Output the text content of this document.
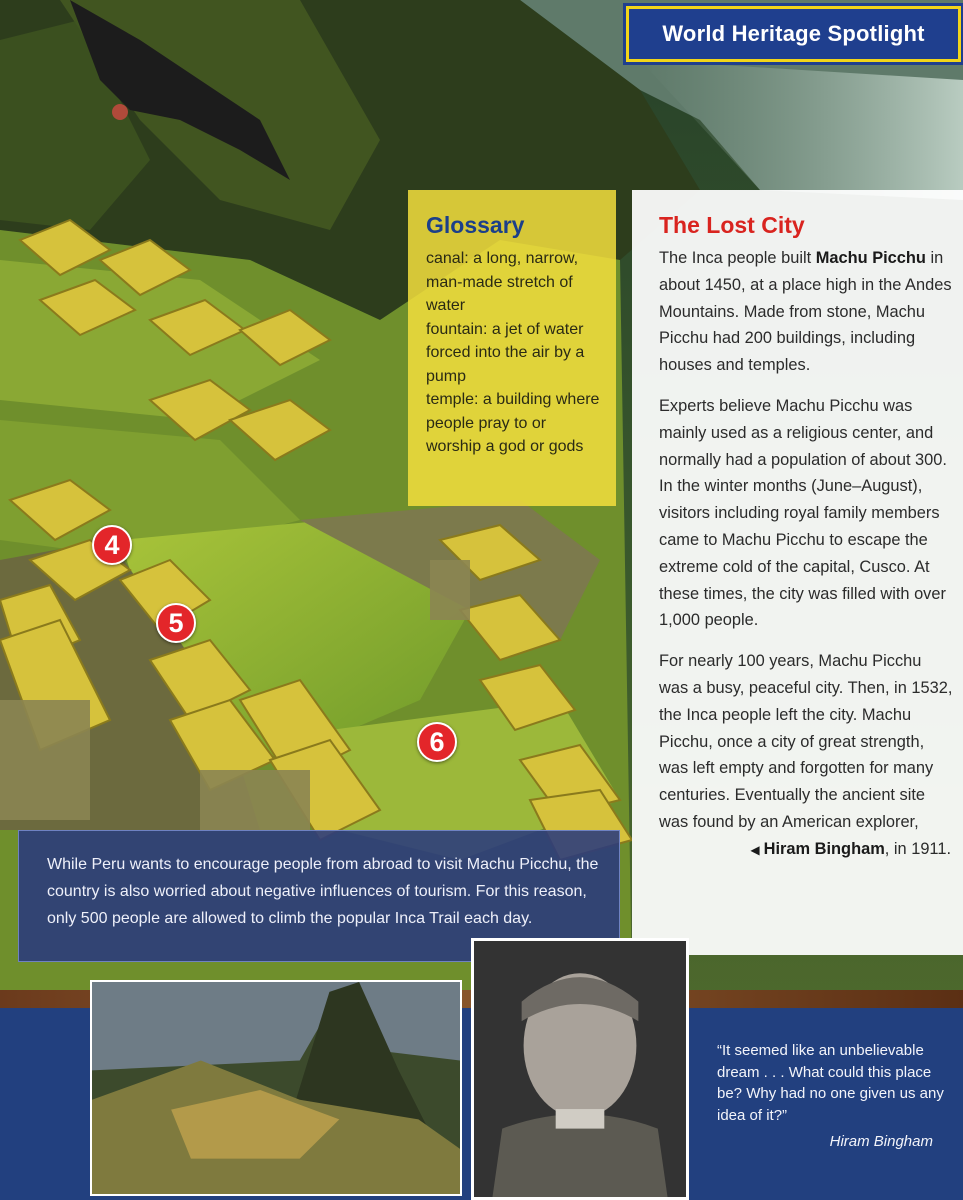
World Heritage Spotlight
Glossary

canal: a long, narrow, man-made stretch of water

fountain: a jet of water forced into the air by a pump

temple: a building where people pray to or worship a god or gods

The Lost City

The Inca people built Machu Picchu in about 1450, at a place high in the Andes Mountains. Made from stone, Machu Picchu had 200 buildings, including houses and temples.

Experts believe Machu Picchu was mainly used as a religious center, and normally had a population of about 300. In the winter months (June–August), visitors including royal family members came to Machu Picchu to escape the extreme cold of the capital, Cusco. At these times, the city was filled with over 1,000 people.

For nearly 100 years, Machu Picchu was a busy, peaceful city. Then, in 1532, the Inca people left the city. Machu Picchu, once a city of great strength, was left empty and forgotten for many centuries. Eventually the ancient site was found by an American explorer,

◀ Hiram Bingham, in 1911.

While Peru wants to encourage people from abroad to visit Machu Picchu, the country is also worried about negative influences of tourism. For this reason, only 500 people are allowed to climb the popular Inca Trail each day.

“It seemed like an unbelievable dream . . . What could this place be? Why had no one given us any idea of it?”

Hiram Bingham

4
5
6
